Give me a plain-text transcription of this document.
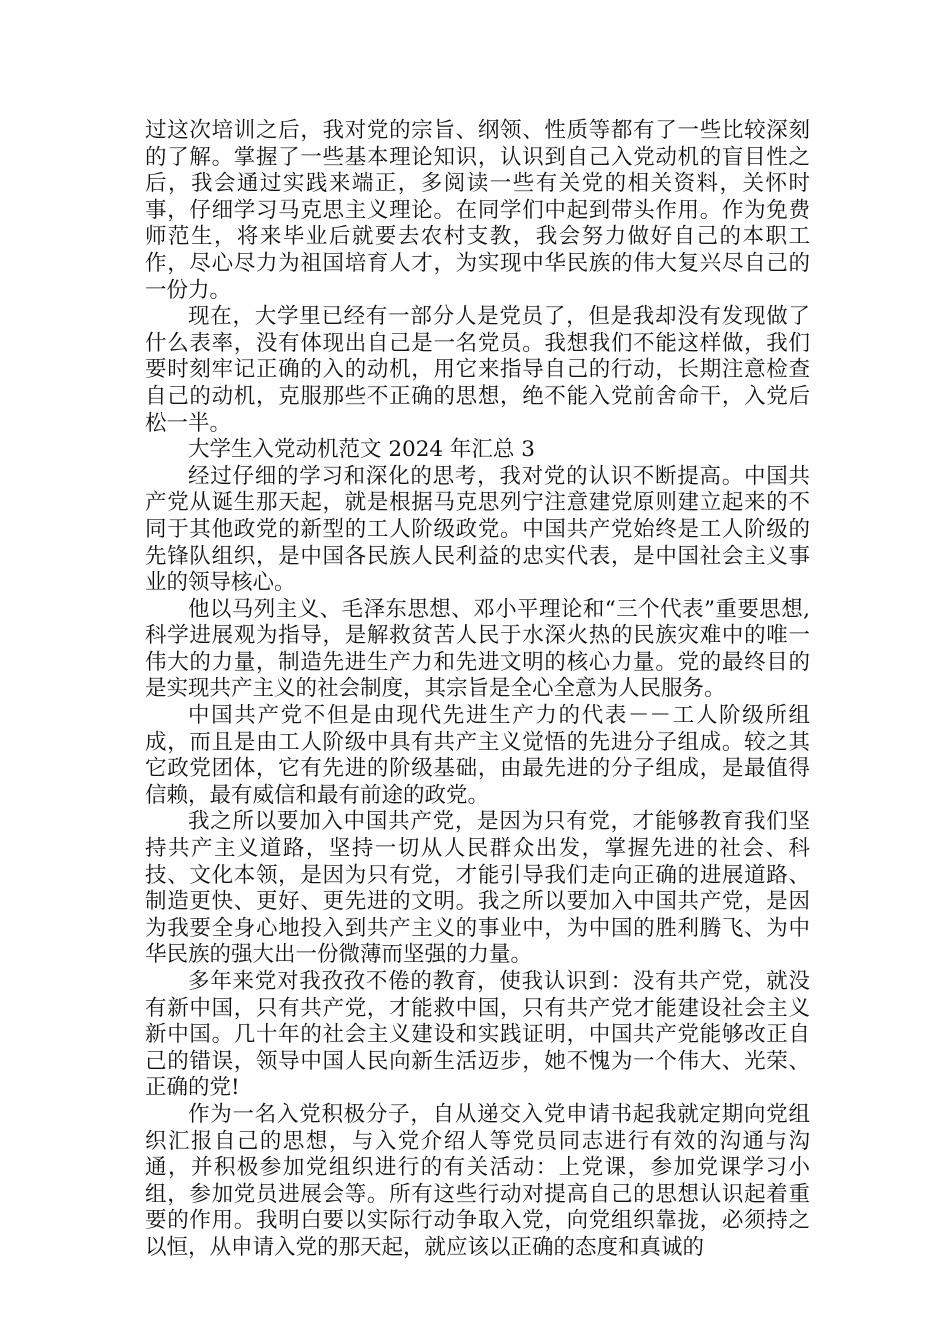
过这次培训之后，我对党的宗旨、纲领、性质等都有了一些比较深刻的了解。掌握了一些基本理论知识，认识到自己入党动机的盲目性之后，我会通过实践来端正，多阅读一些有关党的相关资料，关怀时事，仔细学习马克思主义理论。在同学们中起到带头作用。作为免费师范生，将来毕业后就要去农村支教，我会努力做好自己的本职工作，尽心尽力为祖国培育人才，为实现中华民族的伟大复兴尽自己的一份力。

现在，大学里已经有一部分人是党员了，但是我却没有发现做了什么表率，没有体现出自己是一名党员。我想我们不能这样做，我们要时刻牢记正确的入的动机，用它来指导自己的行动，长期注意检查自己的动机，克服那些不正确的思想，绝不能入党前舍命干，入党后松一半。

大学生入党动机范文 2024 年汇总 3

经过仔细的学习和深化的思考，我对党的认识不断提高。中国共产党从诞生那天起，就是根据马克思列宁注意建党原则建立起来的不同于其他政党的新型的工人阶级政党。中国共产党始终是工人阶级的先锋队组织，是中国各民族人民利益的忠实代表，是中国社会主义事业的领导核心。

他以马列主义、毛泽东思想、邓小平理论和“三个代表”重要思想,科学进展观为指导，是解救贫苦人民于水深火热的民族灾难中的唯一伟大的力量，制造先进生产力和先进文明的核心力量。党的最终目的是实现共产主义的社会制度，其宗旨是全心全意为人民服务。

中国共产党不但是由现代先进生产力的代表－－工人阶级所组成，而且是由工人阶级中具有共产主义觉悟的先进分子组成。较之其它政党团体，它有先进的阶级基础，由最先进的分子组成，是最值得信赖，最有威信和最有前途的政党。

我之所以要加入中国共产党，是因为只有党，才能够教育我们坚持共产主义道路，坚持一切从人民群众出发，掌握先进的社会、科技、文化本领，是因为只有党，才能引导我们走向正确的进展道路、制造更快、更好、更先进的文明。我之所以要加入中国共产党，是因为我要全身心地投入到共产主义的事业中，为中国的胜利腾飞、为中华民族的强大出一份微薄而坚强的力量。

多年来党对我孜孜不倦的教育，使我认识到：没有共产党，就没有新中国，只有共产党，才能救中国，只有共产党才能建设社会主义新中国。几十年的社会主义建设和实践证明，中国共产党能够改正自己的错误，领导中国人民向新生活迈步，她不愧为一个伟大、光荣、正确的党!

作为一名入党积极分子，自从递交入党申请书起我就定期向党组织汇报自己的思想，与入党介绍人等党员同志进行有效的沟通与沟通，并积极参加党组织进行的有关活动：上党课，参加党课学习小组，参加党员进展会等。所有这些行动对提高自己的思想认识起着重要的作用。我明白要以实际行动争取入党，向党组织靠拢，必须持之以恒，从申请入党的那天起，就应该以正确的态度和真诚的
